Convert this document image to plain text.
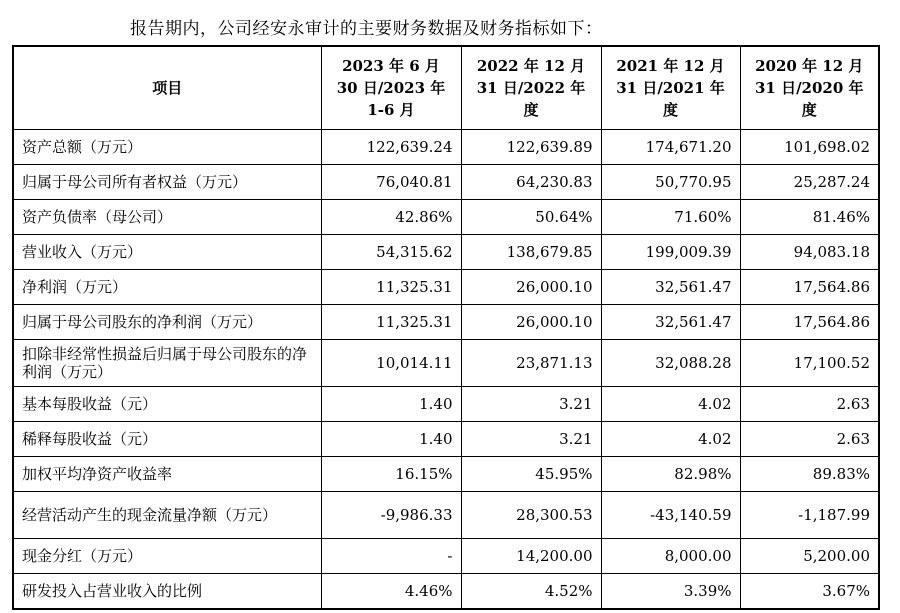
报告期内，公司经安永审计的主要财务数据及财务指标如下：
项目	2023 年 6 月 30 日/2023 年 1-6 月	2022 年 12 月 31 日/2022 年度	2021 年 12 月 31 日/2021 年度	2020 年 12 月 31 日/2020 年度
资产总额（万元）	122,639.24	122,639.89	174,671.20	101,698.02
归属于母公司所有者权益（万元）	76,040.81	64,230.83	50,770.95	25,287.24
资产负债率（母公司）	42.86%	50.64%	71.60%	81.46%
营业收入（万元）	54,315.62	138,679.85	199,009.39	94,083.18
净利润（万元）	11,325.31	26,000.10	32,561.47	17,564.86
归属于母公司股东的净利润（万元）	11,325.31	26,000.10	32,561.47	17,564.86
扣除非经常性损益后归属于母公司股东的净利润（万元）	10,014.11	23,871.13	32,088.28	17,100.52
基本每股收益（元）	1.40	3.21	4.02	2.63
稀释每股收益（元）	1.40	3.21	4.02	2.63
加权平均净资产收益率	16.15%	45.95%	82.98%	89.83%
经营活动产生的现金流量净额（万元）	-9,986.33	28,300.53	-43,140.59	-1,187.99
现金分红（万元）	-	14,200.00	8,000.00	5,200.00
研发投入占营业收入的比例	4.46%	4.52%	3.39%	3.67%
